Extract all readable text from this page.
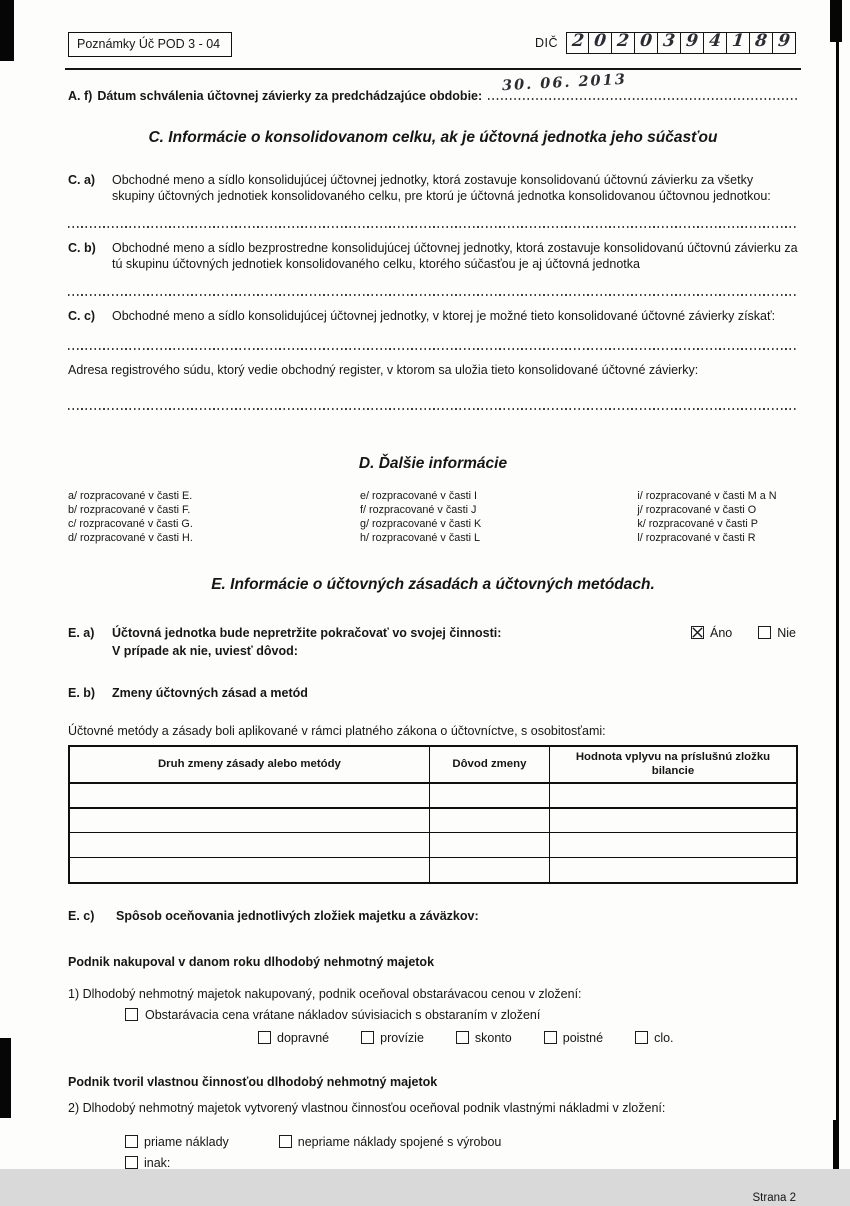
Poznámky Úč POD 3 - 04	DIČ 2 0 2 0 3 9 4 1 8 9
A. f) Dátum schválenia účtovnej závierky za predchádzajúce obdobie:
30. 06. 2013
C. Informácie o konsolidovanom celku, ak je účtovná jednotka jeho súčasťou
C. a)	Obchodné meno a sídlo konsolidujúcej účtovnej jednotky, ktorá zostavuje konsolidovanú účtovnú závierku za všetky skupiny účtovných jednotiek konsolidovaného celku, pre ktorú je účtovná jednotka konsolidovanou účtovnou jednotkou:
C. b)	Obchodné meno a sídlo bezprostredne konsolidujúcej účtovnej jednotky, ktorá zostavuje konsolidovanú účtovnú závierku za tú skupinu účtovných jednotiek konsolidovaného celku, ktorého súčasťou je aj účtovná jednotka
C. c)	Obchodné meno a sídlo konsolidujúcej účtovnej jednotky, v ktorej je možné tieto konsolidované účtovné závierky získať:
Adresa registrového súdu, ktorý vedie obchodný register, v ktorom sa uložia tieto konsolidované účtovné závierky:
D. Ďalšie informácie
a/ rozpracované v časti E.
b/ rozpracované v časti F.
c/ rozpracované v časti G.
d/ rozpracované v časti H.
e/ rozpracované v časti I
f/ rozpracované v časti J
g/ rozpracované v časti K
h/ rozpracované v časti L
i/ rozpracované v časti M a N
j/ rozpracované v časti O
k/ rozpracované v časti P
l/ rozpracované v časti R
E. Informácie o účtovných zásadách a účtovných metódach.
E. a)	Účtovná jednotka bude nepretržite pokračovať vo svojej činnosti:	Áno	Nie
V prípade ak nie, uviesť dôvod:
E. b)	Zmeny účtovných zásad a metód
Účtovné metódy a zásady boli aplikované v rámci platného zákona o účtovníctve, s osobitosťami:
Druh zmeny zásady alebo metódy	Dôvod zmeny	Hodnota vplyvu na príslušnú zložku bilancie

E. c)	Spôsob oceňovania jednotlivých zložiek majetku a záväzkov:
Podnik nakupoval v danom roku dlhodobý nehmotný majetok
1) Dlhodobý nehmotný majetok nakupovaný, podnik oceňoval obstarávacou cenou v zložení:
Obstarávacia cena vrátane nákladov súvisiacich s obstaraním v zložení
dopravné	provízie	skonto	poistné	clo.
Podnik tvoril vlastnou činnosťou dlhodobý nehmotný majetok
2) Dlhodobý nehmotný majetok vytvorený vlastnou činnosťou oceňoval podnik vlastnými nákladmi v zložení:
priame náklady	nepriame náklady spojené s výrobou
inak:
Strana 2
